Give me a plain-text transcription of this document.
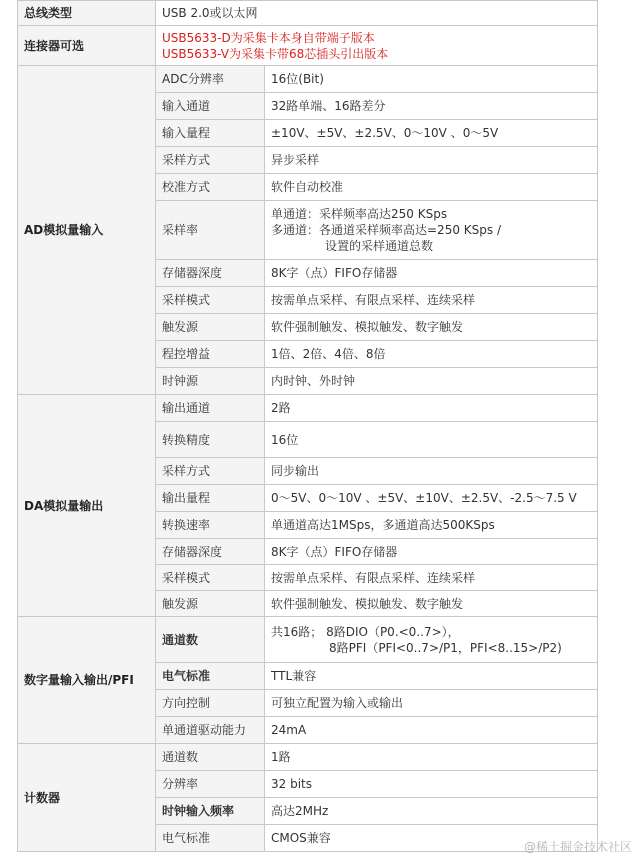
总线类型	USB 2.0或以太网	
连接器可选	USB5633-D为采集卡本身自带端子版本
USB5633-V为采集卡带68芯插头引出版本	

AD模拟量输入	ADC分辨率	16位(Bit)
	输入通道	32路单端、16路差分
	输入量程	±10V、±5V、±2.5V、0～10V 、0～5V
	采样方式	异步采样
	校准方式	软件自动校准
	采样率	单通道：采样频率高达250 KSps
多通道：各通道采样频率高达=250 KSps /
设置的采样通道总数

	存储器深度	8K字（点）FIFO存储器
	采样模式	按需单点采样、有限点采样、连续采样
	触发源	软件强制触发、模拟触发、数字触发
	程控增益	1倍、2倍、4倍、8倍
	时钟源	内时钟、外时钟
DA模拟量输出	输出通道	2路
	转换精度	16位
	采样方式	同步输出
	输出量程	0～5V、0～10V 、±5V、±10V、±2.5V、-2.5～7.5 V
	转换速率	单通道高达1MSps，多通道高达500KSps
	存储器深度	8K字（点）FIFO存储器
	采样模式	按需单点采样、有限点采样、连续采样
	触发源	软件强制触发、模拟触发、数字触发
数字量输入输出/PFI	通道数	共16路； 8路DIO（P0.<0..7>），
8路PFI（PFI<0..7>/P1，PFI<8..15>/P2)

	电气标准	TTL兼容
	方向控制	可独立配置为输入或输出
	单通道驱动能力	24mA
计数器	通道数	1路
	分辨率	32 bits
	时钟输入频率	高达2MHz
	电气标准	CMOS兼容
@稀土掘金技术社区
